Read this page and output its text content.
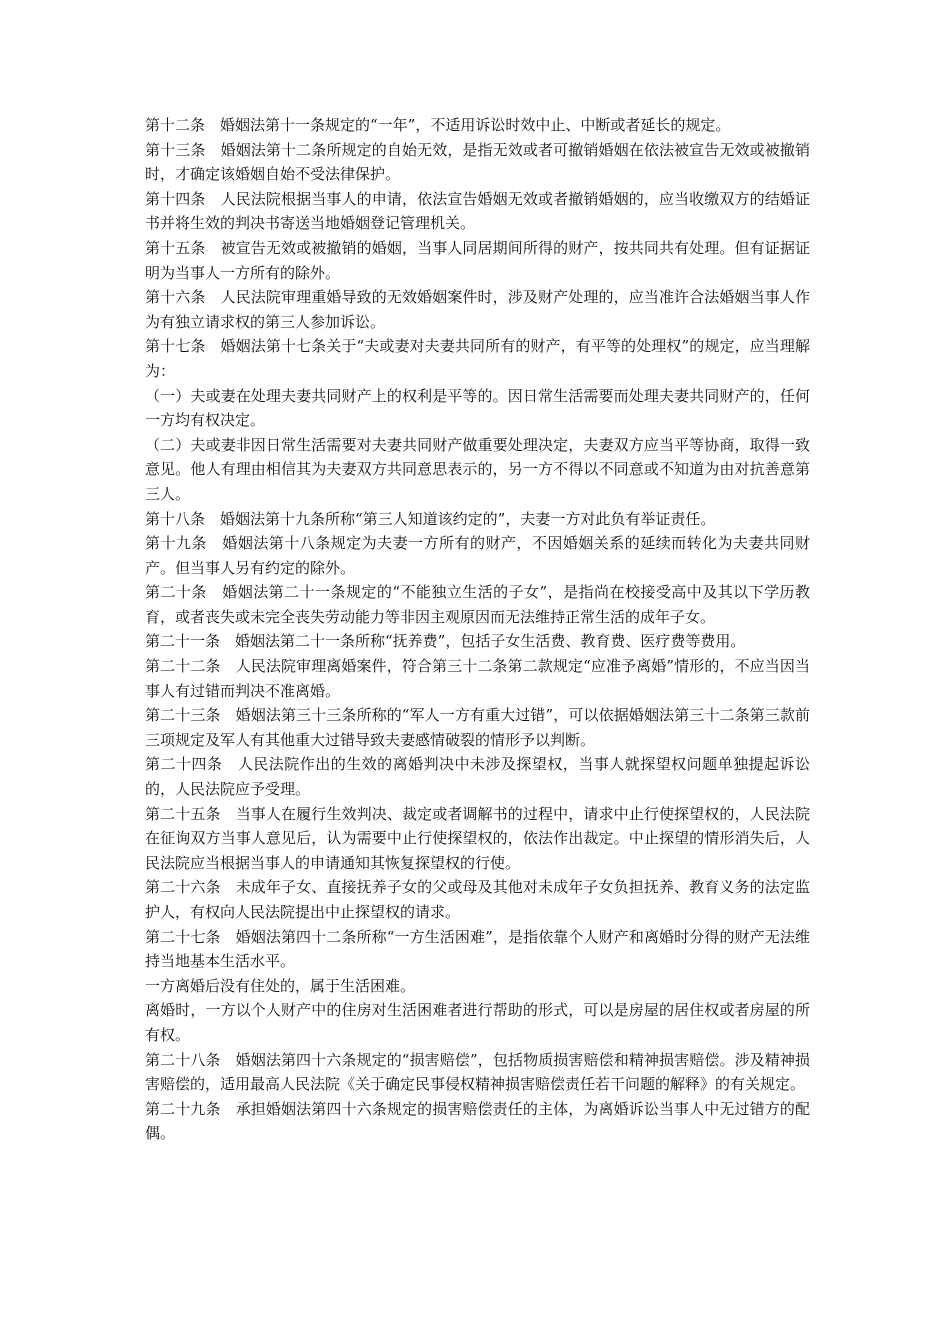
第十二条　婚姻法第十一条规定的“一年”，不适用诉讼时效中止、中断或者延长的规定。

第十三条　婚姻法第十二条所规定的自始无效，是指无效或者可撤销婚姻在依法被宣告无效或被撤销时，才确定该婚姻自始不受法律保护。

第十四条　人民法院根据当事人的申请，依法宣告婚姻无效或者撤销婚姻的，应当收缴双方的结婚证书并将生效的判决书寄送当地婚姻登记管理机关。

第十五条　被宣告无效或被撤销的婚姻，当事人同居期间所得的财产，按共同共有处理。但有证据证明为当事人一方所有的除外。

第十六条　人民法院审理重婚导致的无效婚姻案件时，涉及财产处理的，应当准许合法婚姻当事人作为有独立请求权的第三人参加诉讼。

第十七条　婚姻法第十七条关于“夫或妻对夫妻共同所有的财产，有平等的处理权”的规定，应当理解为：

（一）夫或妻在处理夫妻共同财产上的权利是平等的。因日常生活需要而处理夫妻共同财产的，任何一方均有权决定。

（二）夫或妻非因日常生活需要对夫妻共同财产做重要处理决定，夫妻双方应当平等协商，取得一致意见。他人有理由相信其为夫妻双方共同意思表示的，另一方不得以不同意或不知道为由对抗善意第三人。

第十八条　婚姻法第十九条所称“第三人知道该约定的”，夫妻一方对此负有举证责任。

第十九条　婚姻法第十八条规定为夫妻一方所有的财产，不因婚姻关系的延续而转化为夫妻共同财产。但当事人另有约定的除外。

第二十条　婚姻法第二十一条规定的“不能独立生活的子女”，是指尚在校接受高中及其以下学历教育，或者丧失或未完全丧失劳动能力等非因主观原因而无法维持正常生活的成年子女。

第二十一条　婚姻法第二十一条所称“抚养费”，包括子女生活费、教育费、医疗费等费用。

第二十二条　人民法院审理离婚案件，符合第三十二条第二款规定“应准予离婚”情形的，不应当因当事人有过错而判决不准离婚。

第二十三条　婚姻法第三十三条所称的“军人一方有重大过错”，可以依据婚姻法第三十二条第三款前三项规定及军人有其他重大过错导致夫妻感情破裂的情形予以判断。

第二十四条　人民法院作出的生效的离婚判决中未涉及探望权，当事人就探望权问题单独提起诉讼的，人民法院应予受理。

第二十五条　当事人在履行生效判决、裁定或者调解书的过程中，请求中止行使探望权的，人民法院在征询双方当事人意见后，认为需要中止行使探望权的，依法作出裁定。中止探望的情形消失后，人民法院应当根据当事人的申请通知其恢复探望权的行使。

第二十六条　未成年子女、直接抚养子女的父或母及其他对未成年子女负担抚养、教育义务的法定监护人，有权向人民法院提出中止探望权的请求。

第二十七条　婚姻法第四十二条所称“一方生活困难”，是指依靠个人财产和离婚时分得的财产无法维持当地基本生活水平。

一方离婚后没有住处的，属于生活困难。

离婚时，一方以个人财产中的住房对生活困难者进行帮助的形式，可以是房屋的居住权或者房屋的所有权。

第二十八条　婚姻法第四十六条规定的“损害赔偿”，包括物质损害赔偿和精神损害赔偿。涉及精神损害赔偿的，适用最高人民法院《关于确定民事侵权精神损害赔偿责任若干问题的解释》的有关规定。

第二十九条　承担婚姻法第四十六条规定的损害赔偿责任的主体，为离婚诉讼当事人中无过错方的配偶。
